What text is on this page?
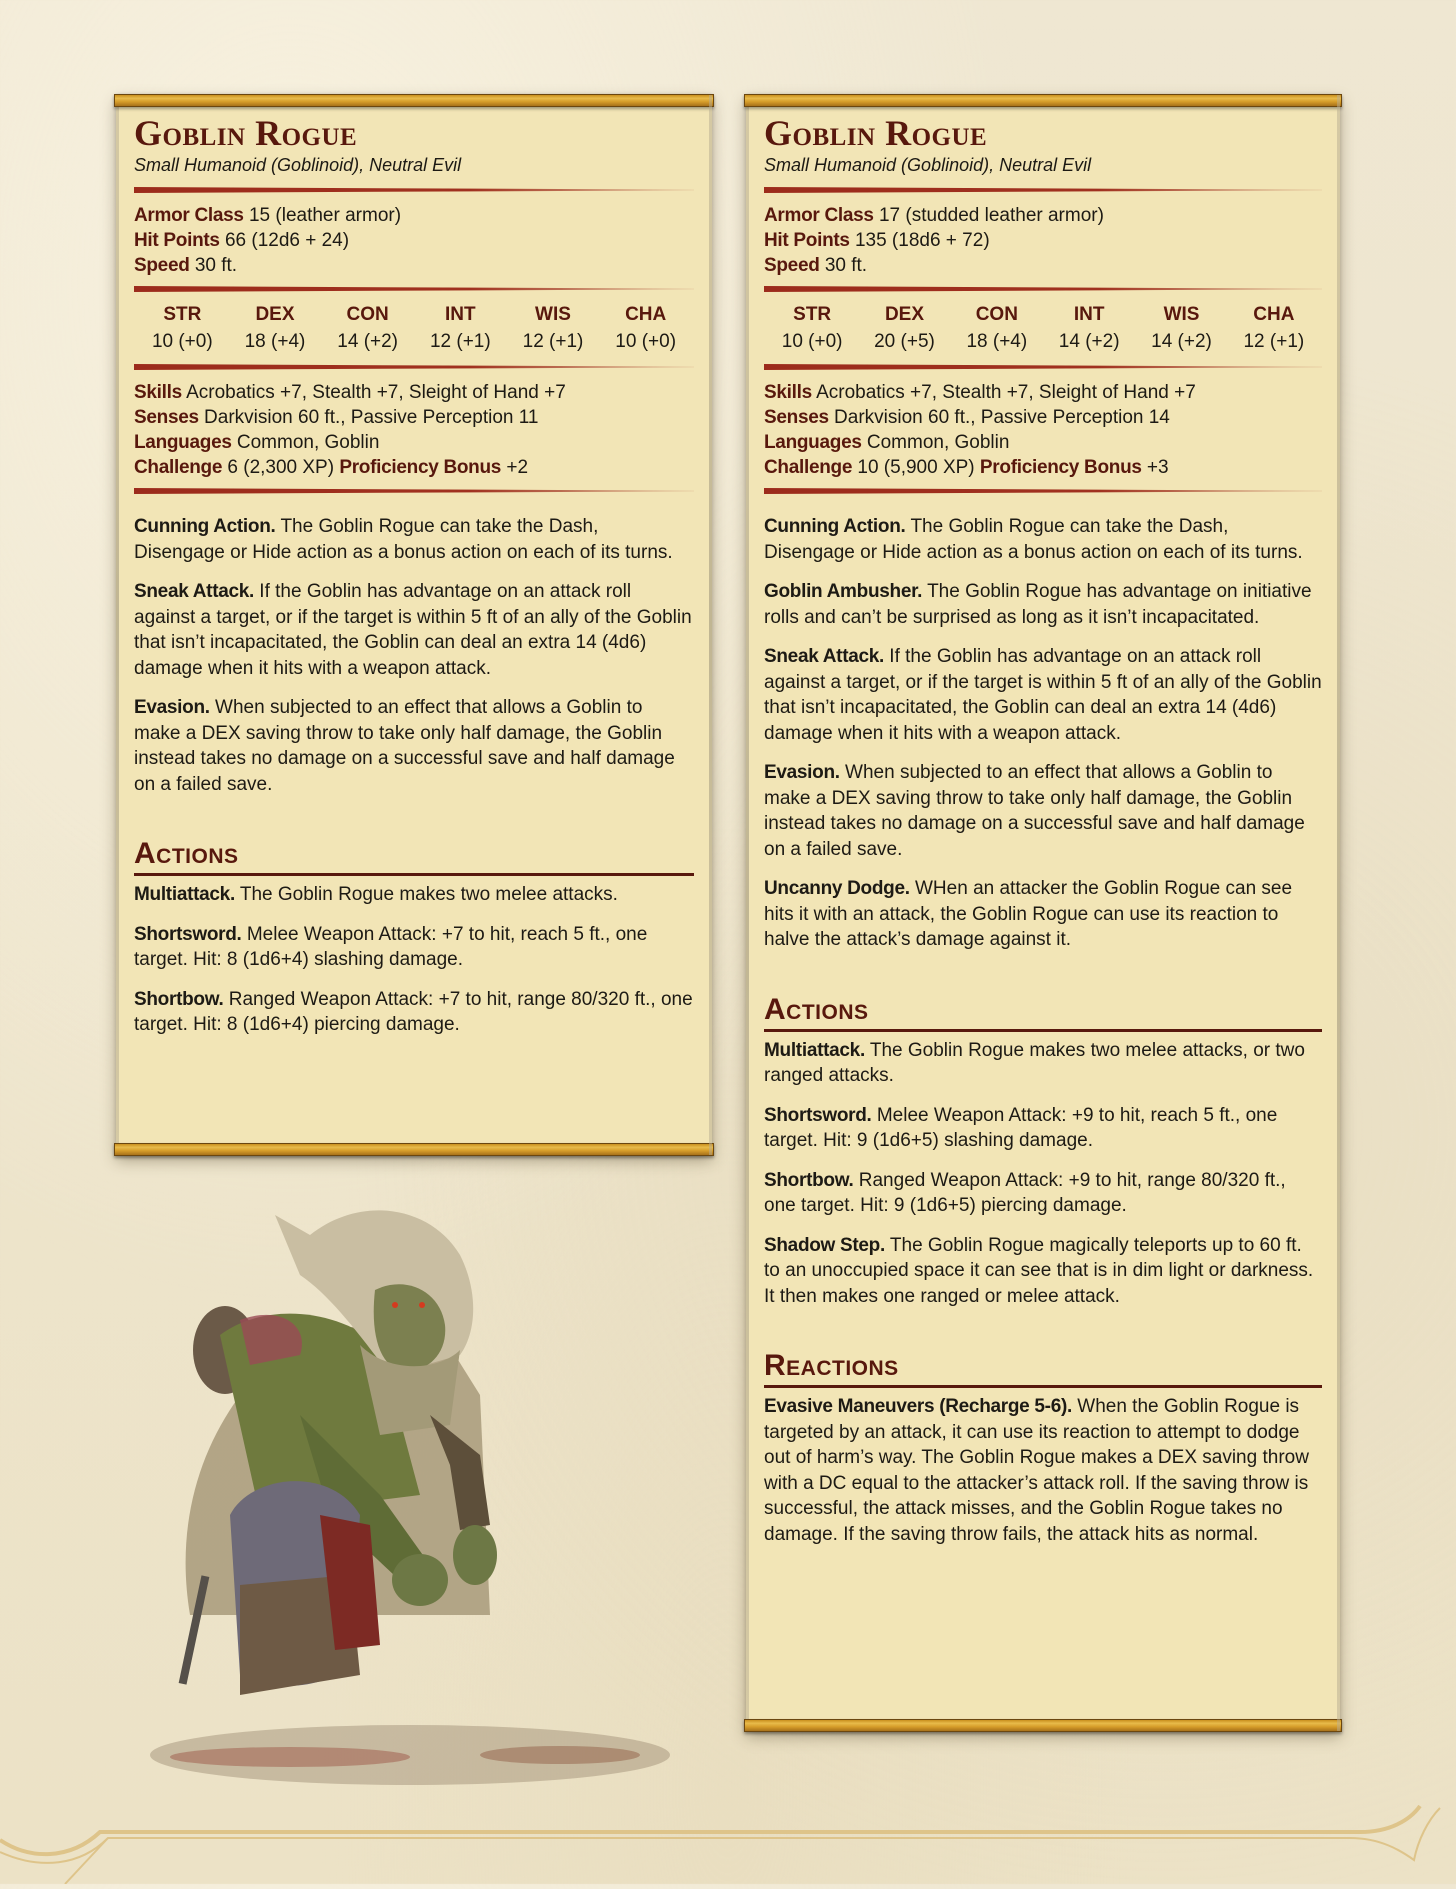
Goblin Rogue

Small Humanoid (Goblinoid), Neutral Evil

Armor Class 15 (leather armor)
Hit Points 66 (12d6 + 24)
Speed 30 ft.
STR
10 (+0)
DEX
18 (+4)
CON
14 (+2)
INT
12 (+1)
WIS
12 (+1)
CHA
10 (+0)
Skills Acrobatics +7, Stealth +7, Sleight of Hand +7
Senses Darkvision 60 ft., Passive Perception 11
Languages Common, Goblin
Challenge 6 (2,300 XP) Proficiency Bonus +2

Cunning Action. The Goblin Rogue can take the Dash, Disengage or Hide action as a bonus action on each of its turns.

Sneak Attack. If the Goblin has advantage on an attack roll against a target, or if the target is within 5 ft of an ally of the Goblin that isn’t incapacitated, the Goblin can deal an extra 14 (4d6) damage when it hits with a weapon attack.

Evasion. When subjected to an effect that allows a Goblin to make a DEX saving throw to take only half damage, the Goblin instead takes no damage on a successful save and half damage on a failed save.

Actions

Multiattack. The Goblin Rogue makes two melee attacks.

Shortsword. Melee Weapon Attack: +7 to hit, reach 5 ft., one target. Hit: 8 (1d6+4) slashing damage.

Shortbow. Ranged Weapon Attack: +7 to hit, range 80/320 ft., one target. Hit: 8 (1d6+4) piercing damage.

Goblin Rogue

Small Humanoid (Goblinoid), Neutral Evil

Armor Class 17 (studded leather armor)
Hit Points 135 (18d6 + 72)
Speed 30 ft.
STR
10 (+0)
DEX
20 (+5)
CON
18 (+4)
INT
14 (+2)
WIS
14 (+2)
CHA
12 (+1)
Skills Acrobatics +7, Stealth +7, Sleight of Hand +7
Senses Darkvision 60 ft., Passive Perception 14
Languages Common, Goblin
Challenge 10 (5,900 XP) Proficiency Bonus +3

Cunning Action. The Goblin Rogue can take the Dash, Disengage or Hide action as a bonus action on each of its turns.

Goblin Ambusher. The Goblin Rogue has advantage on initiative rolls and can’t be surprised as long as it isn’t incapacitated.

Sneak Attack. If the Goblin has advantage on an attack roll against a target, or if the target is within 5 ft of an ally of the Goblin that isn’t incapacitated, the Goblin can deal an extra 14 (4d6) damage when it hits with a weapon attack.

Evasion. When subjected to an effect that allows a Goblin to make a DEX saving throw to take only half damage, the Goblin instead takes no damage on a successful save and half damage on a failed save.

Uncanny Dodge. WHen an attacker the Goblin Rogue can see hits it with an attack, the Goblin Rogue can use its reaction to halve the attack’s damage against it.

Actions

Multiattack. The Goblin Rogue makes two melee attacks, or two ranged attacks.

Shortsword. Melee Weapon Attack: +9 to hit, reach 5 ft., one target. Hit: 9 (1d6+5) slashing damage.

Shortbow. Ranged Weapon Attack: +9 to hit, range 80/320 ft., one target. Hit: 9 (1d6+5) piercing damage.

Shadow Step. The Goblin Rogue magically teleports up to 60 ft. to an unoccupied space it can see that is in dim light or darkness. It then makes one ranged or melee attack.

Reactions

Evasive Maneuvers (Recharge 5-6). When the Goblin Rogue is targeted by an attack, it can use its reaction to attempt to dodge out of harm’s way. The Goblin Rogue makes a DEX saving throw with a DC equal to the attacker’s attack roll. If the saving throw is successful, the attack misses, and the Goblin Rogue takes no damage. If the saving throw fails, the attack hits as normal.
